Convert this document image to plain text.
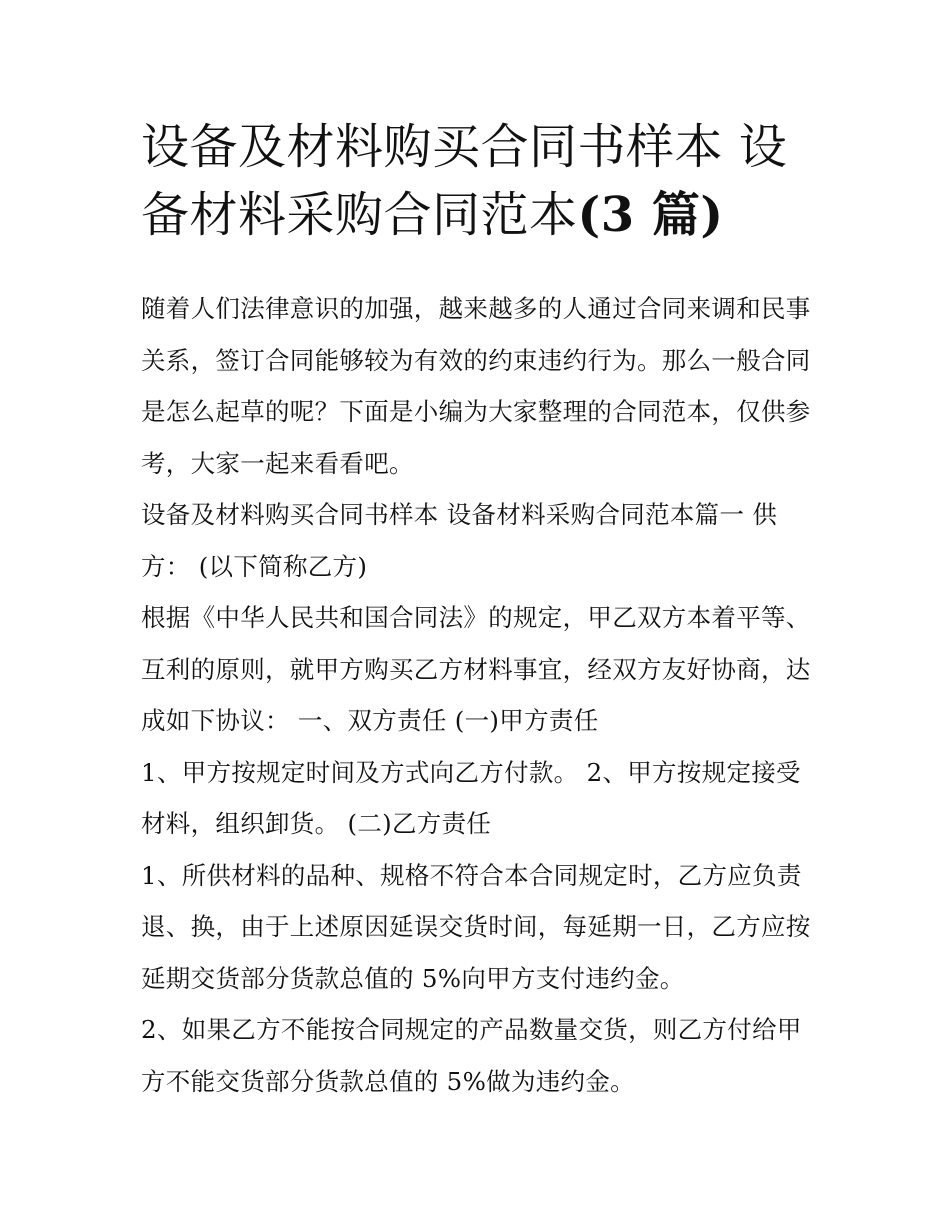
设备及材料购买合同书样本 设
备材料采购合同范本(3 篇)

随着人们法律意识的加强，越来越多的人通过合同来调和民事
关系，签订合同能够较为有效的约束违约行为。那么一般合同
是怎么起草的呢？下面是小编为大家整理的合同范本，仅供参
考，大家一起来看看吧。

设备及材料购买合同书样本 设备材料采购合同范本篇一 供
方： (以下简称乙方)

根据《中华人民共和国合同法》的规定，甲乙双方本着平等、
互利的原则，就甲方购买乙方材料事宜，经双方友好协商，达
成如下协议： 一、双方责任 (一)甲方责任

1、甲方按规定时间及方式向乙方付款。 2、甲方按规定接受
材料，组织卸货。 (二)乙方责任

1、所供材料的品种、规格不符合本合同规定时，乙方应负责
退、换，由于上述原因延误交货时间，每延期一日，乙方应按
延期交货部分货款总值的 5%向甲方支付违约金。

2、如果乙方不能按合同规定的产品数量交货，则乙方付给甲
方不能交货部分货款总值的 5%做为违约金。
